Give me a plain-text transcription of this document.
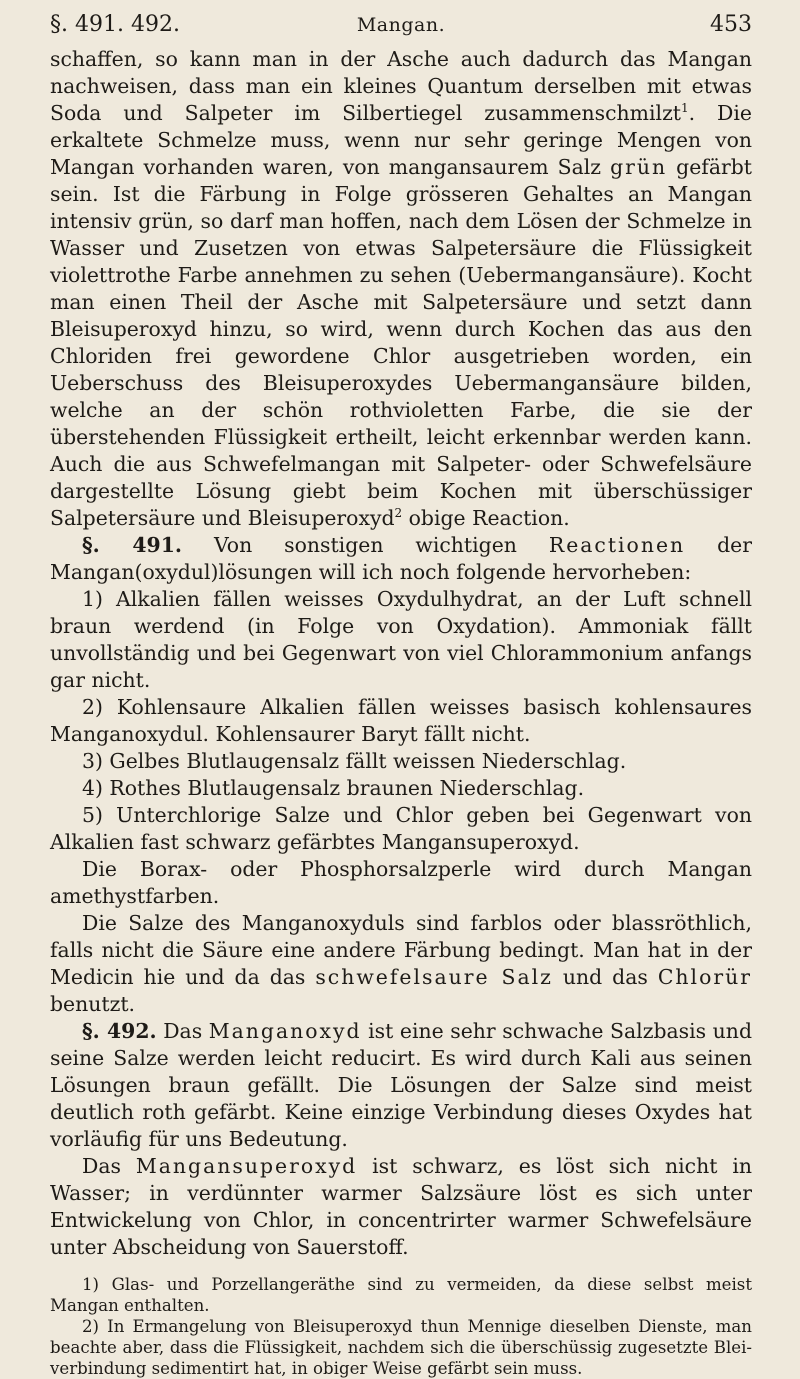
§. 491. 492.	Mangan.	453

schaffen, so kann man in der Asche auch dadurch das Mangan nachweisen, dass man ein kleines Quantum derselben mit etwas Soda und Salpeter im Silbertiegel zusammenschmilzt$^1$. Die erkaltete Schmelze muss, wenn nur sehr geringe Mengen von Mangan vorhanden waren, von mangansaurem Salz grün gefärbt sein. Ist die Färbung in Folge grösseren Gehaltes an Mangan intensiv grün, so darf man hoffen, nach dem Lösen der Schmelze in Wasser und Zusetzen von etwas Salpetersäure die Flüssigkeit violettrothe Farbe annehmen zu sehen (Uebermangansäure). Kocht man einen Theil der Asche mit Salpetersäure und setzt dann Bleisuperoxyd hinzu, so wird, wenn durch Kochen das aus den Chloriden frei gewordene Chlor ausgetrieben worden, ein Ueberschuss des Bleisuperoxydes Uebermangansäure bilden, welche an der schön rothvioletten Farbe, die sie der überstehenden Flüssigkeit ertheilt, leicht erkennbar werden kann. Auch die aus Schwefelmangan mit Salpeter- oder Schwefelsäure dargestellte Lösung giebt beim Kochen mit überschüssiger Salpetersäure und Bleisuperoxyd$^2$ obige Reaction.

§. 491. Von sonstigen wichtigen Reactionen der Mangan(oxydul)lösungen will ich noch folgende hervorheben:

1) Alkalien fällen weisses Oxydulhydrat, an der Luft schnell braun werdend (in Folge von Oxydation). Ammoniak fällt unvollständig und bei Gegenwart von viel Chlorammonium anfangs gar nicht.

2) Kohlensaure Alkalien fällen weisses basisch kohlensaures Manganoxydul. Kohlensaurer Baryt fällt nicht.

3) Gelbes Blutlaugensalz fällt weissen Niederschlag.

4) Rothes Blutlaugensalz braunen Niederschlag.

5) Unterchlorige Salze und Chlor geben bei Gegenwart von Alkalien fast schwarz gefärbtes Mangansuperoxyd.

Die Borax- oder Phosphorsalzperle wird durch Mangan amethystfarben.

Die Salze des Manganoxyduls sind farblos oder blassröthlich, falls nicht die Säure eine andere Färbung bedingt. Man hat in der Medicin hie und da das schwefelsaure Salz und das Chlorür benutzt.

§. 492. Das Manganoxyd ist eine sehr schwache Salzbasis und seine Salze werden leicht reducirt. Es wird durch Kali aus seinen Lösungen braun gefällt. Die Lösungen der Salze sind meist deutlich roth gefärbt. Keine einzige Verbindung dieses Oxydes hat vorläufig für uns Bedeutung.

Das Mangansuperoxyd ist schwarz, es löst sich nicht in Wasser; in verdünnter warmer Salzsäure löst es sich unter Entwickelung von Chlor, in concentrirter warmer Schwefelsäure unter Abscheidung von Sauerstoff.

1) Glas- und Porzellangeräthe sind zu vermeiden, da diese selbst meist Mangan enthalten.

2) In Ermangelung von Bleisuperoxyd thun Mennige dieselben Dienste, man beachte aber, dass die Flüssigkeit, nachdem sich die überschüssig zugesetzte Bleiverbindung sedimentirt hat, in obiger Weise gefärbt sein muss.
